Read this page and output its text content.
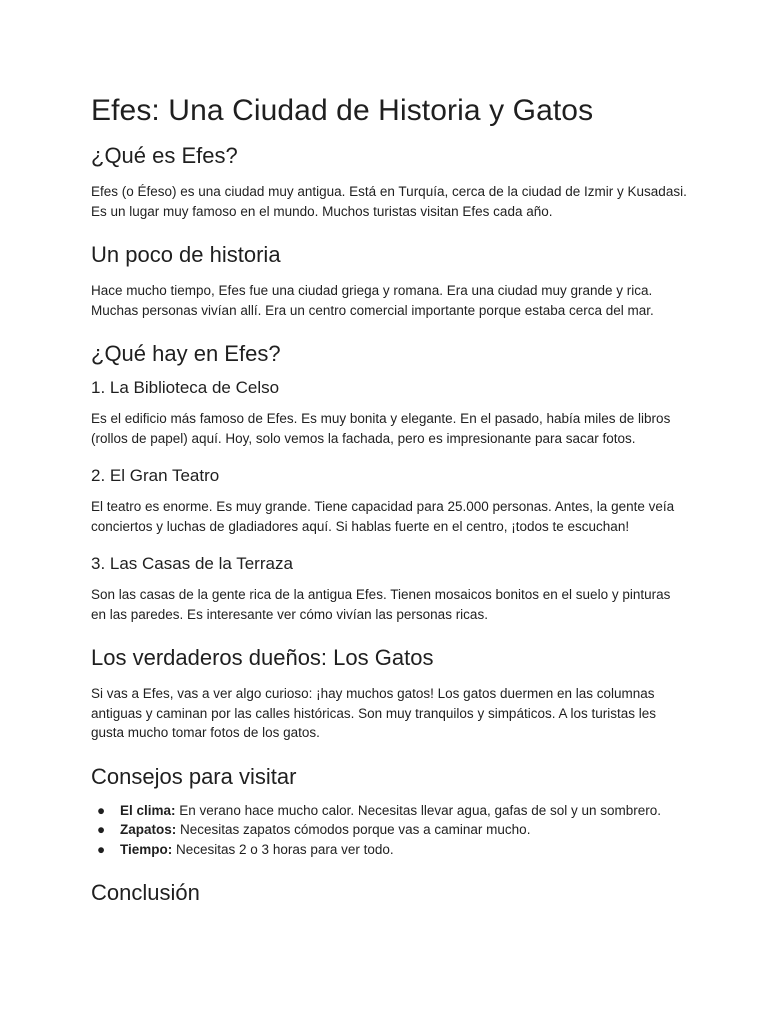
Efes: Una Ciudad de Historia y Gatos
¿Qué es Efes?

Efes (o Éfeso) es una ciudad muy antigua. Está en Turquía, cerca de la ciudad de Izmir y Kusadasi. Es un lugar muy famoso en el mundo. Muchos turistas visitan Efes cada año.

Un poco de historia

Hace mucho tiempo, Efes fue una ciudad griega y romana. Era una ciudad muy grande y rica. Muchas personas vivían allí. Era un centro comercial importante porque estaba cerca del mar.

¿Qué hay en Efes?
1. La Biblioteca de Celso

Es el edificio más famoso de Efes. Es muy bonita y elegante. En el pasado, había miles de libros (rollos de papel) aquí. Hoy, solo vemos la fachada, pero es impresionante para sacar fotos.

2. El Gran Teatro

El teatro es enorme. Es muy grande. Tiene capacidad para 25.000 personas. Antes, la gente veía conciertos y luchas de gladiadores aquí. Si hablas fuerte en el centro, ¡todos te escuchan!

3. Las Casas de la Terraza

Son las casas de la gente rica de la antigua Efes. Tienen mosaicos bonitos en el suelo y pinturas en las paredes. Es interesante ver cómo vivían las personas ricas.

Los verdaderos dueños: Los Gatos

Si vas a Efes, vas a ver algo curioso: ¡hay muchos gatos! Los gatos duermen en las columnas antiguas y caminan por las calles históricas. Son muy tranquilos y simpáticos. A los turistas les gusta mucho tomar fotos de los gatos.

Consejos para visitar
● El clima: En verano hace mucho calor. Necesitas llevar agua, gafas de sol y un sombrero.
● Zapatos: Necesitas zapatos cómodos porque vas a caminar mucho.
● Tiempo: Necesitas 2 o 3 horas para ver todo.
Conclusión
